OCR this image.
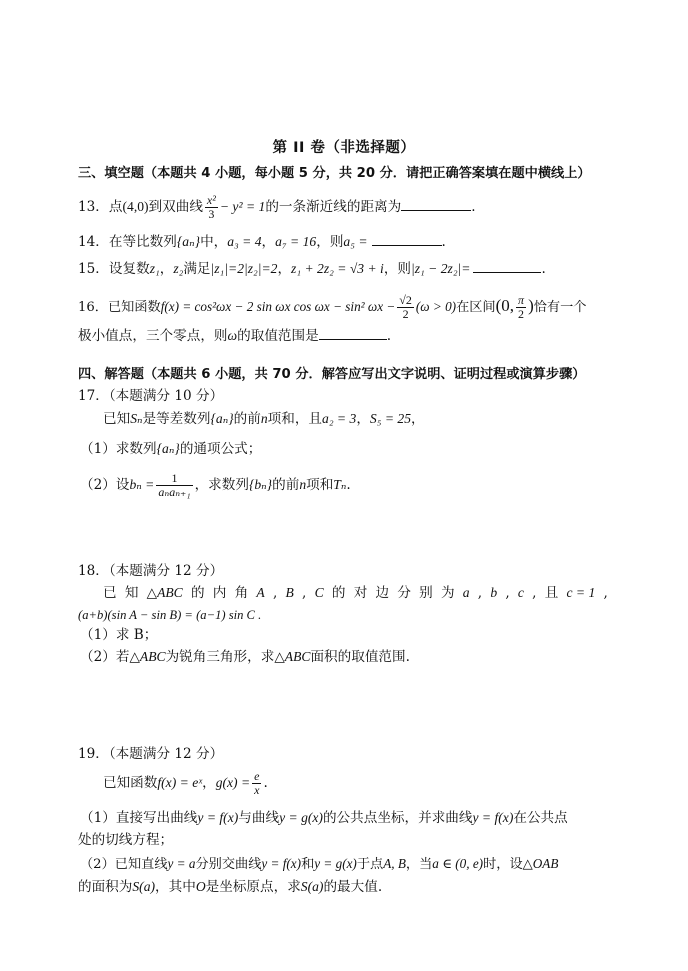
第 II 卷（非选择题）
三、填空题（本题共 4 小题，每小题 5 分，共 20 分．请把正确答案填在题中横线上）
13．点(4,0)到双曲线 $\frac{\text{x²}}{3} - y^2 = 1$的一条渐近线的距离为	.
14．在等比数列{aₙ}中，a₃ = 4，a₇ = 16，则a₅ =	.
15．设复数z₁，z₂满足|z₁|=2|z₂|=2，z₁ + 2z₂ = √3 + i，则|z₁ − 2z₂|=	.
16．已知函数f(x) = cos²ωx − 2 sin ωx cos ωx − sin² $\omega x - \frac{√2}{2} (\omega > 0)$在区间(0, $\frac{\pi}{2}$ )恰有一个
极小值点，三个零点，则ω的取值范围是	.
四、解答题（本题共 6 小题，共 70 分．解答应写出文字说明、证明过程或演算步骤）
17．（本题满分 10 分）
已知Sₙ是等差数列{aₙ}的前n项和，且a₂ = 3，S₅ = 25，
（1）求数列{aₙ}的通项公式；
（2）设$b_n = \frac{1}{\text{aₙaₙ₊₁}}$ ，求数列{bₙ}的前n项和Tₙ.
18．（本题满分 12 分）
已 知 △ABC 的 内 角 A , B , C 的 对 边 分 别 为 a , b , c , 且 c = 1 ,
(a+b)(sin A − sin B) = (a−1) sin C .
（1）求 B；
（2）若△ABC为锐角三角形，求△ABC面积的取值范围.
19．（本题满分 12 分）
已知函数f(x) = eˣ，$g(x) = \frac{e}{x}$ .
（1）直接写出曲线y = f(x)与曲线y = g(x)的公共点坐标，并求曲线y = f(x)在公共点
处的切线方程；
（2）已知直线y = a分别交曲线y = f(x)和y = g(x)于点A, B，当a ∈ (0, e)时，设△OAB
的面积为S(a)，其中O是坐标原点，求S(a)的最大值.
